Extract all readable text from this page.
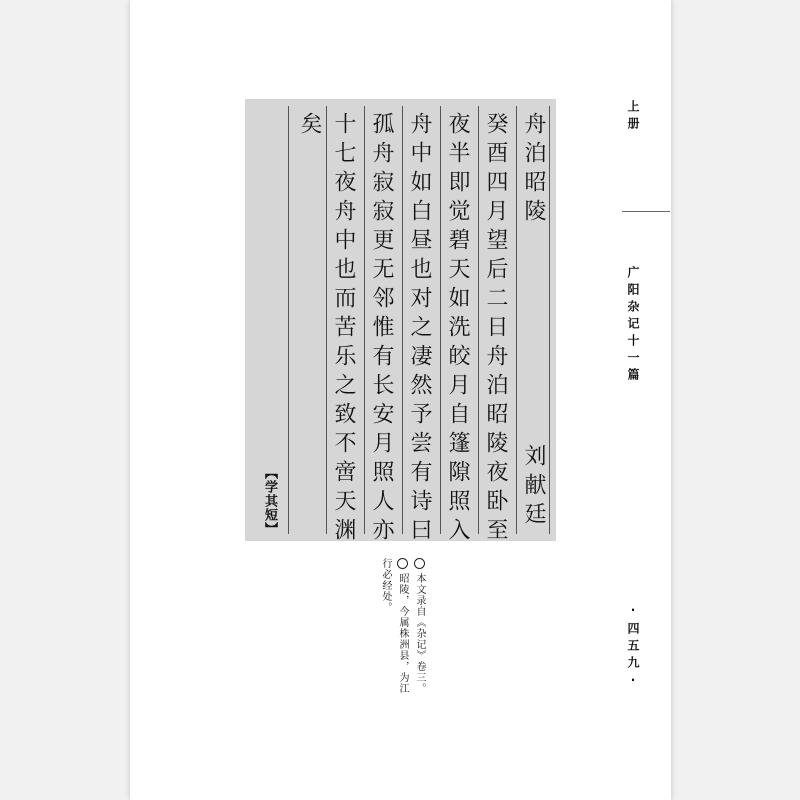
舟泊昭陵
刘献廷
癸酉四月望后二日舟泊昭陵夜卧至
夜半即觉碧天如洗皎月自篷隙照入
舟中如白昼也对之凄然予尝有诗曰
孤舟寂寂更无邻惟有长安月照人亦
十七夜舟中也而苦乐之致不啻天渊
矣
【学其短】
上册
广阳杂记十一篇
·四五九·
本文录自《杂记》卷三。
昭陵，今属株洲县，为江
行必经处。
